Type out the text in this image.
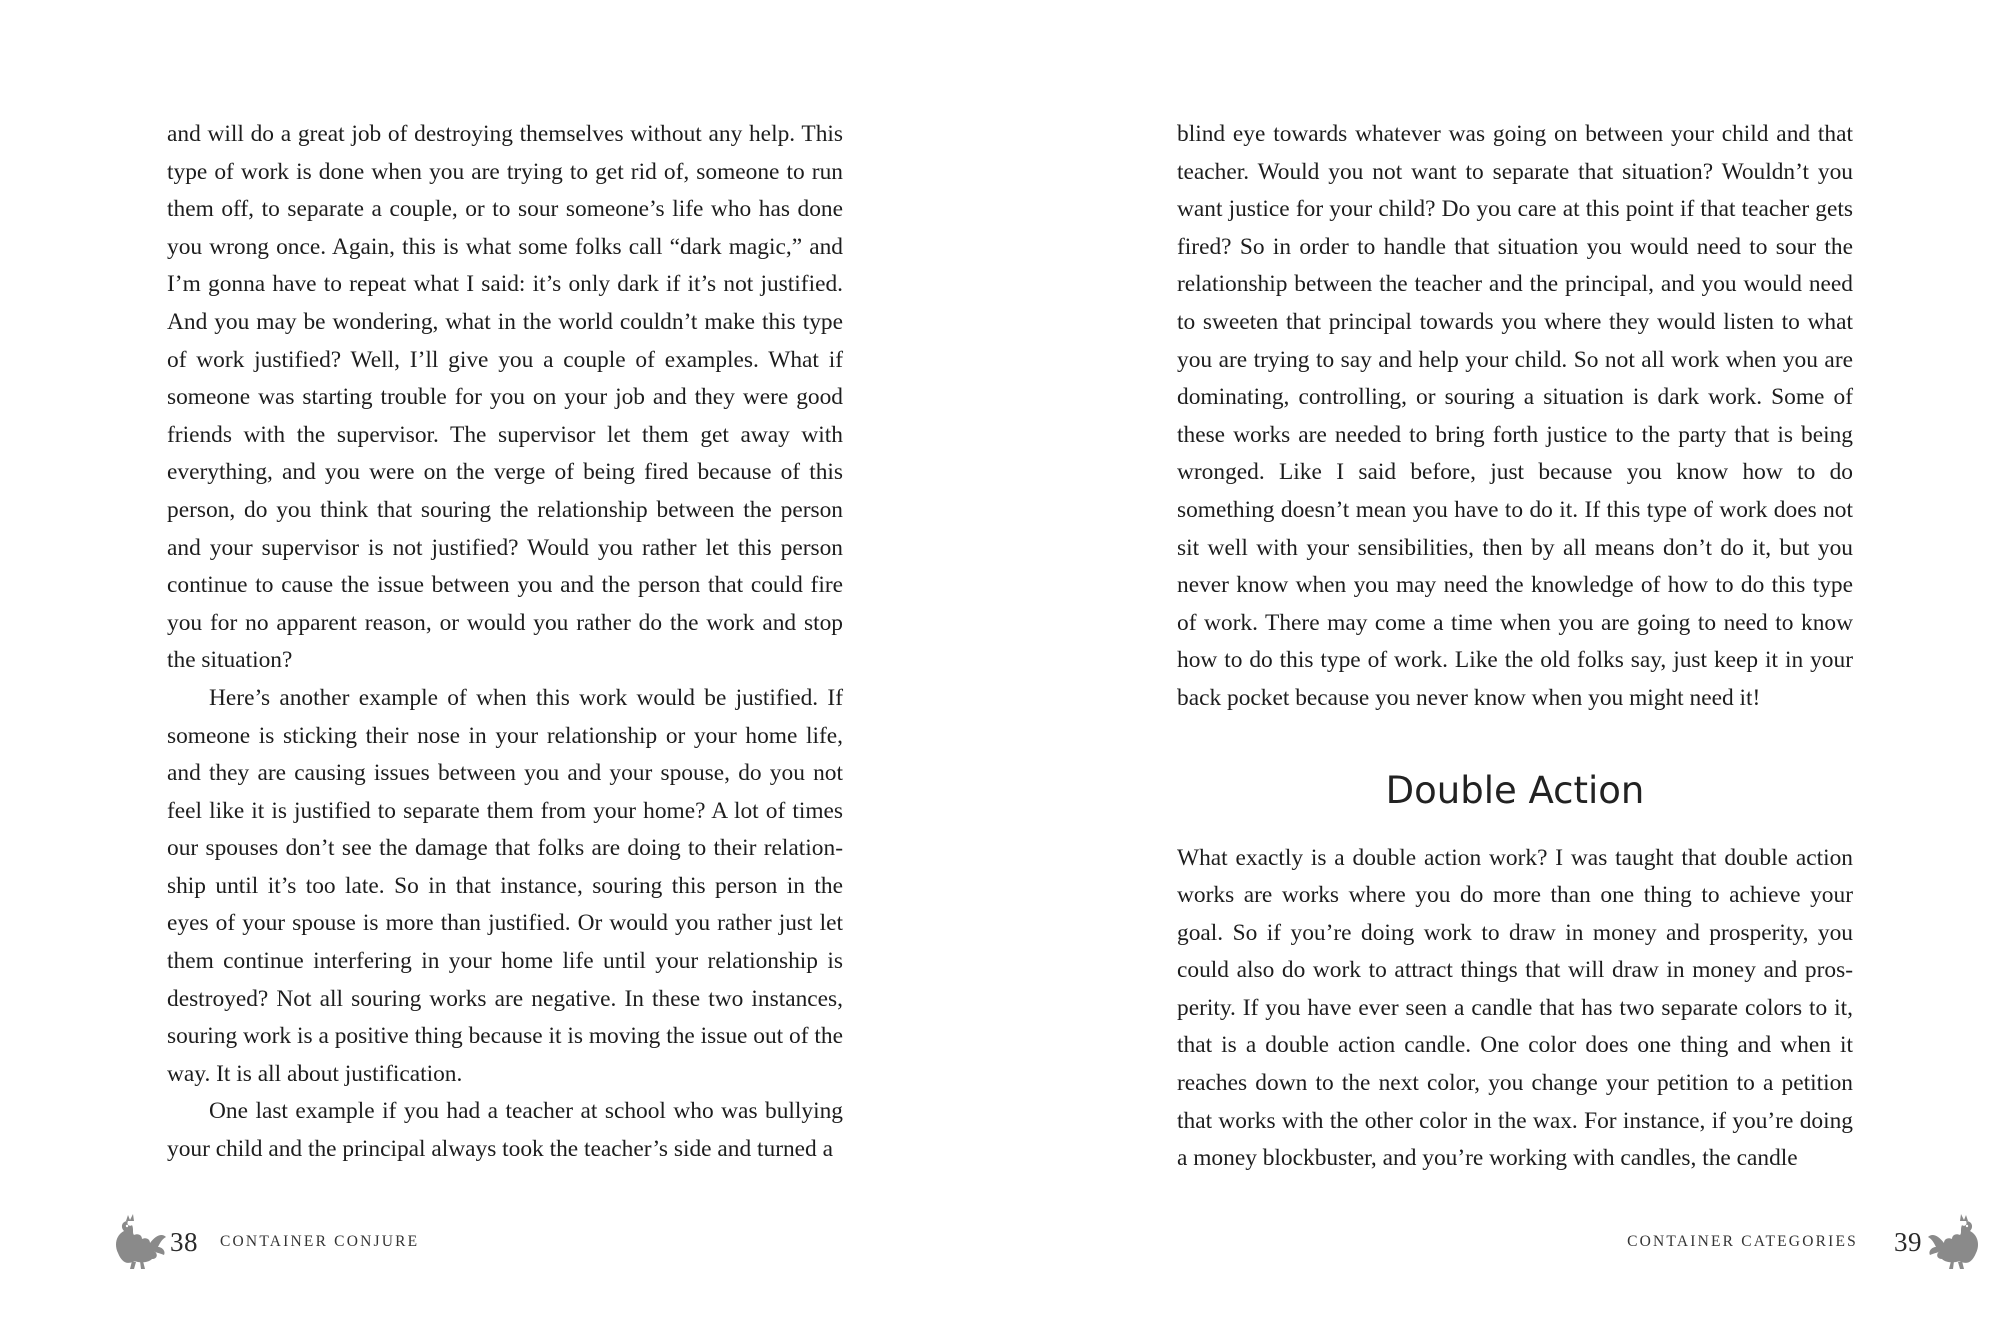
and will do a great job of destroying themselves without any help. This type of work is done when you are trying to get rid of, someone to run them off, to separate a couple, or to sour someone’s life who has done you wrong once. Again, this is what some folks call “dark magic,” and I’m gonna have to repeat what I said: it’s only dark if it’s not justified. And you may be wondering, what in the world couldn’t make this type of work justified? Well, I’ll give you a couple of examples. What if someone was starting trouble for you on your job and they were good friends with the supervisor. The supervisor let them get away with everything, and you were on the verge of being fired because of this person, do you think that souring the relationship between the person and your supervisor is not justified? Would you rather let this person continue to cause the issue between you and the person that could fire you for no apparent reason, or would you rather do the work and stop the situation?

Here’s another example of when this work would be justified. If someone is sticking their nose in your relationship or your home life, and they are causing issues between you and your spouse, do you not feel like it is justified to separate them from your home? A lot of times our spouses don’t see the damage that folks are doing to their relationship until it’s too late. So in that instance, souring this person in the eyes of your spouse is more than justified. Or would you rather just let them continue interfering in your home life until your relationship is destroyed? Not all souring works are negative. In these two instances, souring work is a positive thing because it is moving the issue out of the way. It is all about justification.

One last example if you had a teacher at school who was bullying your child and the principal always took the teacher’s side and turned a

38 CONTAINER CONJURE

blind eye towards whatever was going on between your child and that teacher. Would you not want to separate that situation? Wouldn’t you want justice for your child? Do you care at this point if that teacher gets fired? So in order to handle that situation you would need to sour the relationship between the teacher and the principal, and you would need to sweeten that principal towards you where they would listen to what you are trying to say and help your child. So not all work when you are dominating, controlling, or souring a situation is dark work. Some of these works are needed to bring forth justice to the party that is being wronged. Like I said before, just because you know how to do something doesn’t mean you have to do it. If this type of work does not sit well with your sensibilities, then by all means don’t do it, but you never know when you may need the knowledge of how to do this type of work. There may come a time when you are going to need to know how to do this type of work. Like the old folks say, just keep it in your back pocket because you never know when you might need it!

Double Action

What exactly is a double action work? I was taught that double action works are works where you do more than one thing to achieve your goal. So if you’re doing work to draw in money and prosperity, you could also do work to attract things that will draw in money and prosperity. If you have ever seen a candle that has two separate colors to it, that is a double action candle. One color does one thing and when it reaches down to the next color, you change your petition to a petition that works with the other color in the wax. For instance, if you’re doing a money blockbuster, and you’re working with candles, the candle

CONTAINER CATEGORIES 39
